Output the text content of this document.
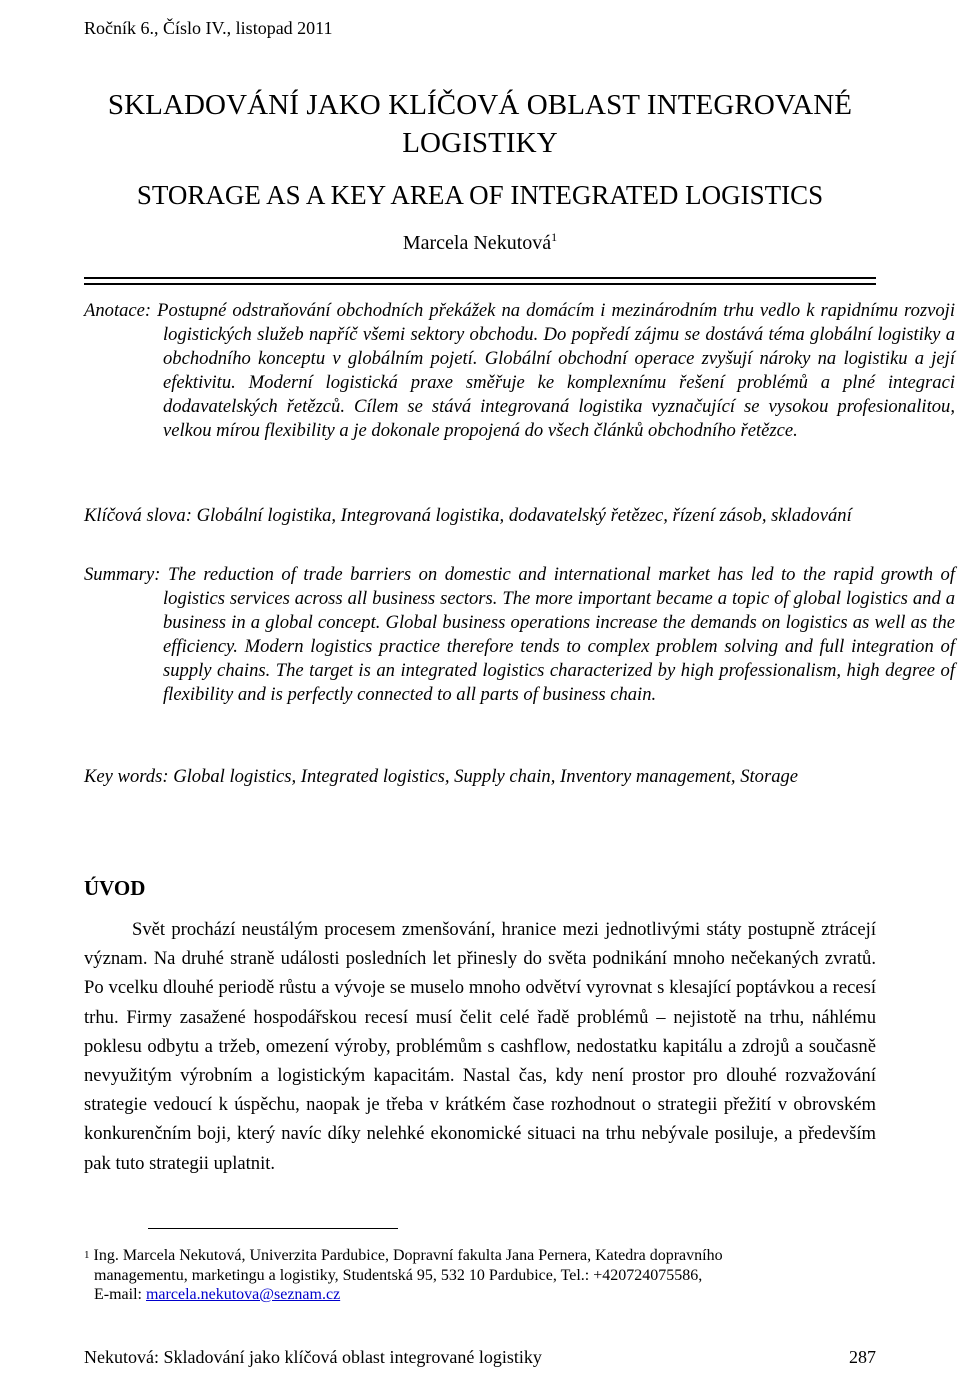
Ročník 6., Číslo IV., listopad 2011
SKLADOVÁNÍ JAKO KLÍČOVÁ OBLAST INTEGROVANÉ
LOGISTIKY
STORAGE AS A KEY AREA OF INTEGRATED LOGISTICS
Marcela Nekutová$^1$
Anotace: Postupné odstraňování obchodních překážek na domácím i mezinárodním trhu vedlo k rapidnímu rozvoji logistických služeb napříč všemi sektory obchodu. Do popředí zájmu se dostává téma globální logistiky a obchodního konceptu v globálním pojetí. Globální obchodní operace zvyšují nároky na logistiku a její efektivitu. Moderní logistická praxe směřuje ke komplexnímu řešení problémů a plné integraci dodavatelských řetězců. Cílem se stává integrovaná logistika vyznačující se vysokou profesionalitou, velkou mírou flexibility a je dokonale propojená do všech článků obchodního řetězce.
Klíčová slova: Globální logistika, Integrovaná logistika, dodavatelský řetězec, řízení zásob, skladování
Summary: The reduction of trade barriers on domestic and international market has led to the rapid growth of logistics services across all business sectors. The more important became a topic of global logistics and a business in a global concept. Global business operations increase the demands on logistics as well as the efficiency. Modern logistics practice therefore tends to complex problem solving and full integration of supply chains. The target is an integrated logistics characterized by high professionalism, high degree of flexibility and is perfectly connected to all parts of business chain.
Key words: Global logistics, Integrated logistics, Supply chain, Inventory management, Storage
ÚVOD

Svět prochází neustálým procesem zmenšování, hranice mezi jednotlivými státy postupně ztrácejí význam. Na druhé straně události posledních let přinesly do světa podnikání mnoho nečekaných zvratů. Po vcelku dlouhé periodě růstu a vývoje se muselo mnoho odvětví vyrovnat s klesající poptávkou a recesí trhu. Firmy zasažené hospodářskou recesí musí čelit celé řadě problémů – nejistotě na trhu, náhlému poklesu odbytu a tržeb, omezení výroby, problémům s cashflow, nedostatku kapitálu a zdrojů a současně nevyužitým výrobním a logistickým kapacitám. Nastal čas, kdy není prostor pro dlouhé rozvažování strategie vedoucí k úspěchu, naopak je třeba v krátkém čase rozhodnout o strategii přežití v obrovském konkurenčním boji, který navíc díky nelehké ekonomické situaci na trhu nebývale posiluje, a především pak tuto strategii uplatnit.

$^1$ Ing. Marcela Nekutová, Univerzita Pardubice, Dopravní fakulta Jana Pernera, Katedra dopravního
managementu, marketingu a logistiky, Studentská 95, 532 10 Pardubice, Tel.: +420724075586,
E-mail: marcela.nekutova@seznam.cz
Nekutová: Skladování jako klíčová oblast integrované logistiky	287
